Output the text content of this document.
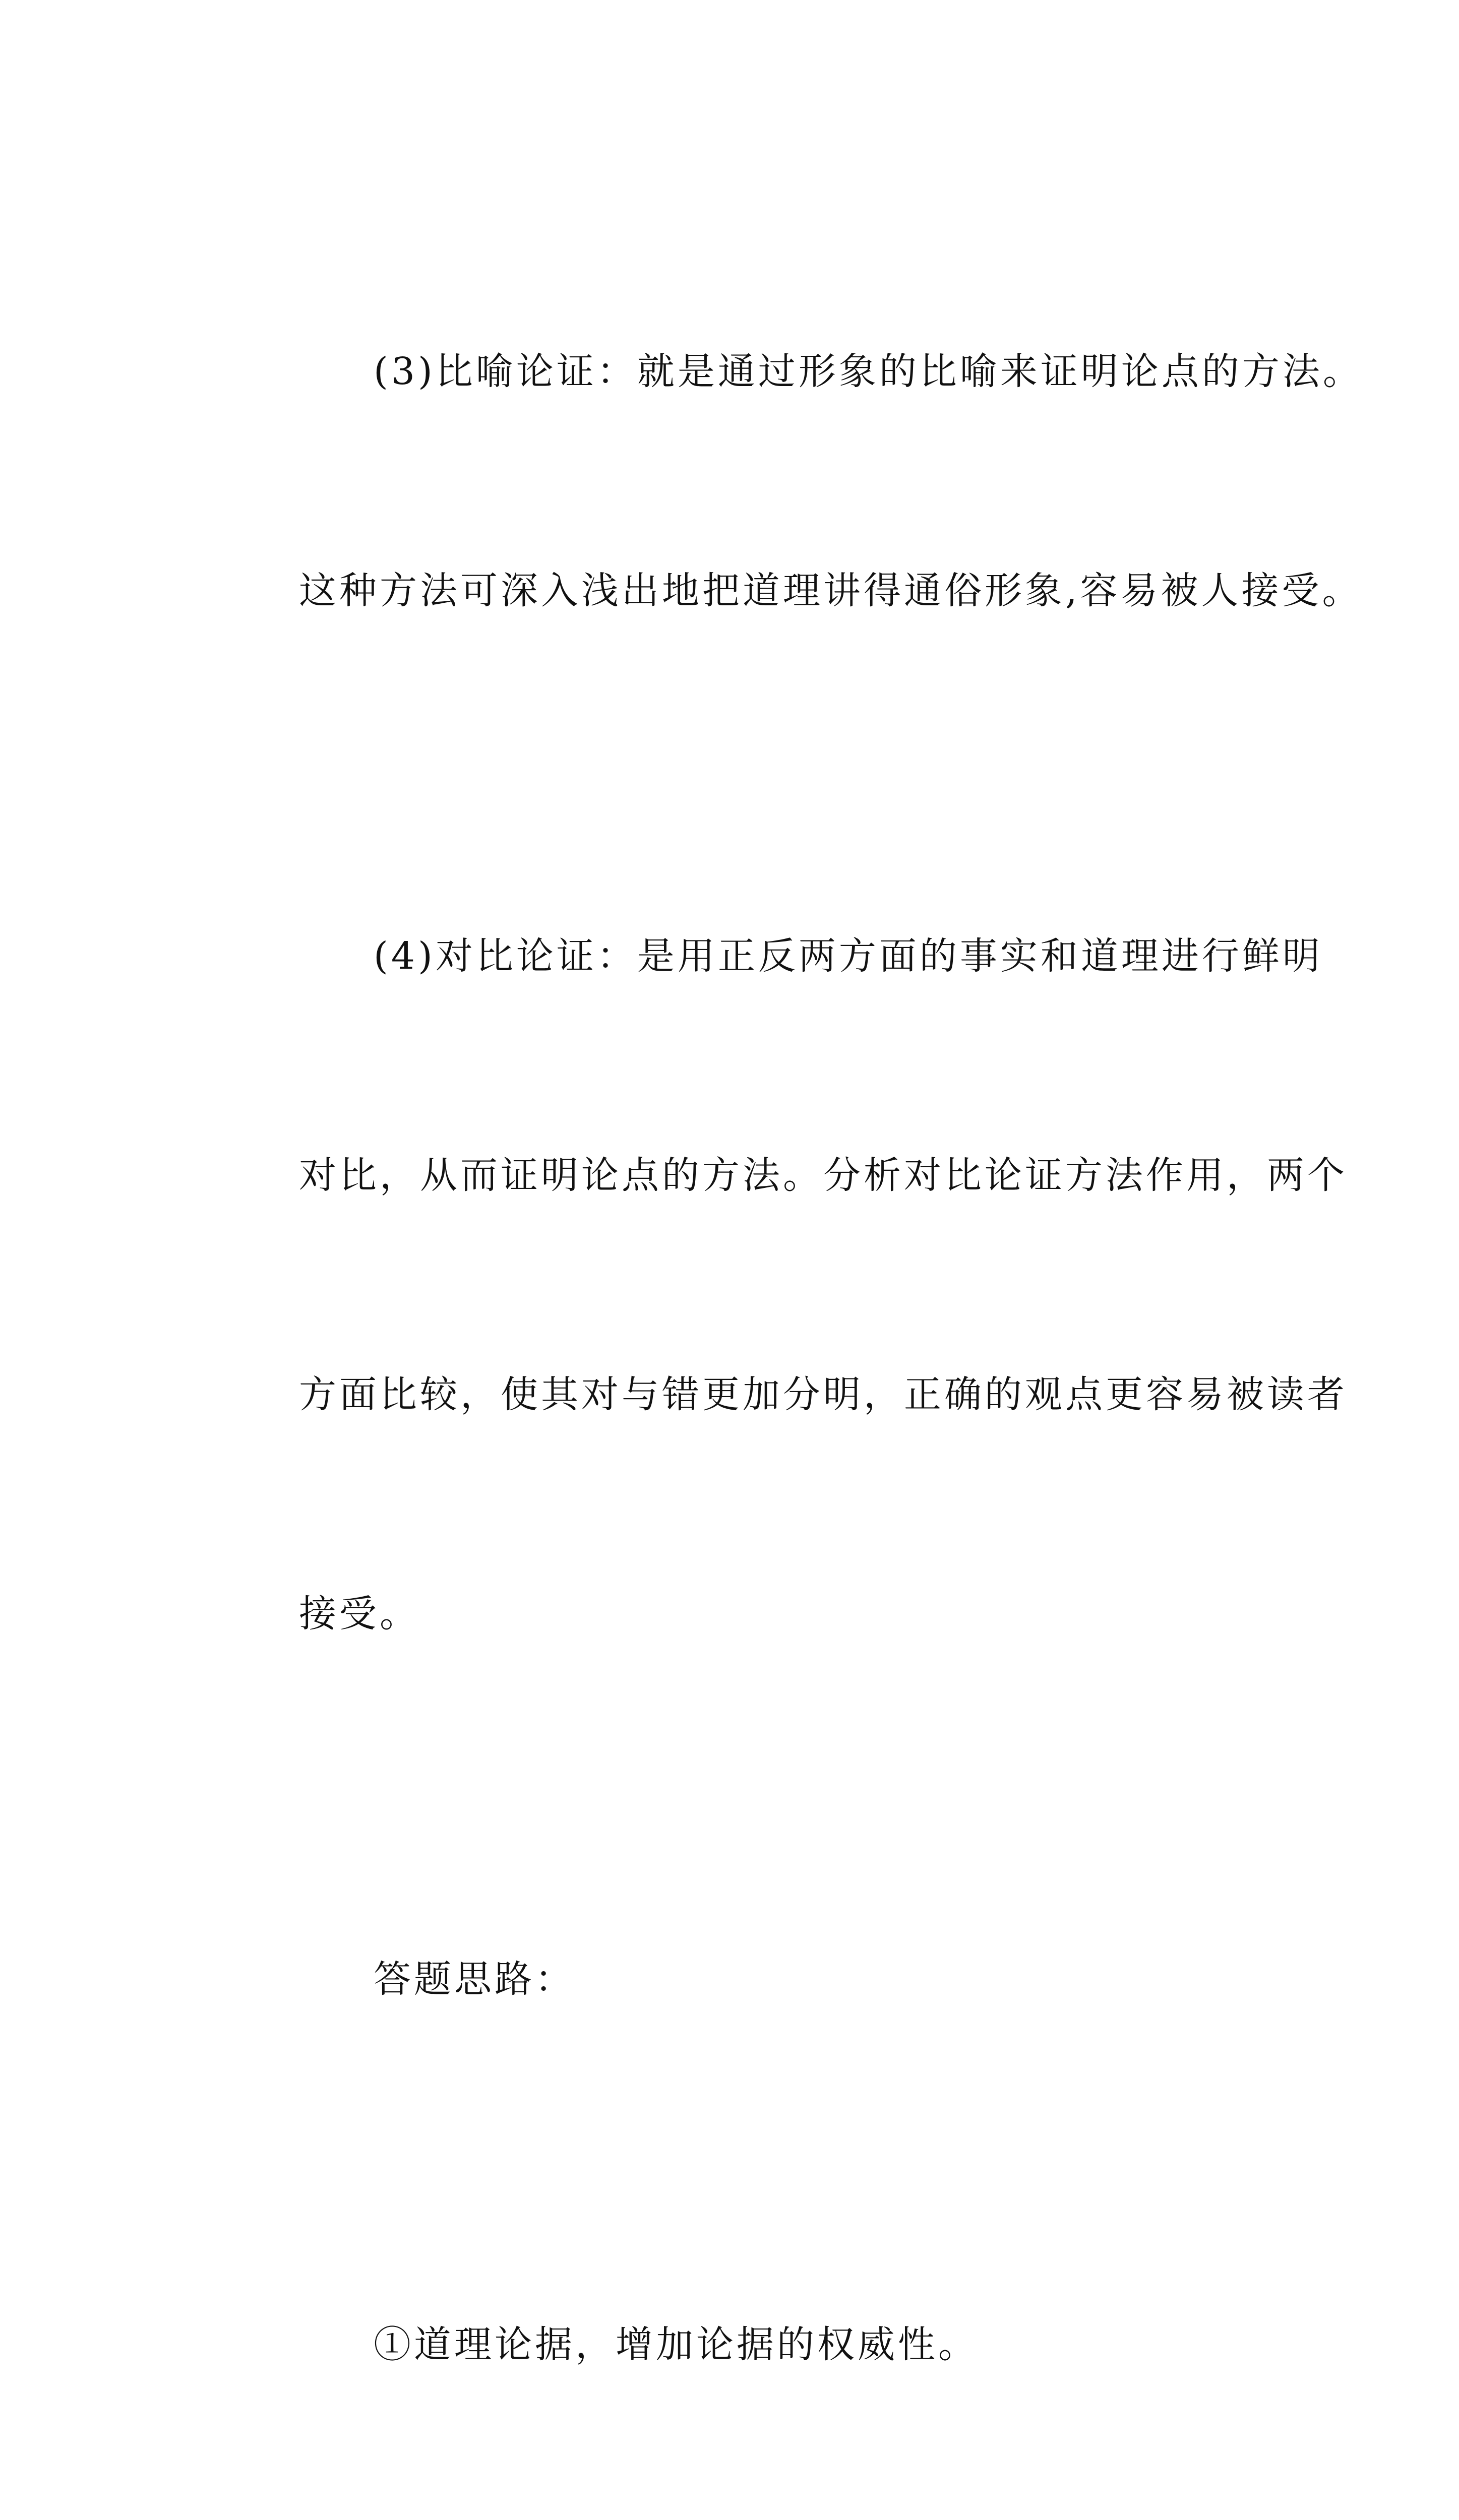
(3)比喻论证：就是通过形象的比喻来证明论点的方法。

这种方法可深入浅出地把道理讲得通俗形象,容易被人接受。

(4)对比论证：是用正反两方面的事实和道理进行鲜明

对比，从而证明论点的方法。分析对比论证方法作用，两个

方面比较，使其对与错更加分明，正确的观点更容易被读者

接受。

答题思路：

①道理论据，增加论据的权威性。
